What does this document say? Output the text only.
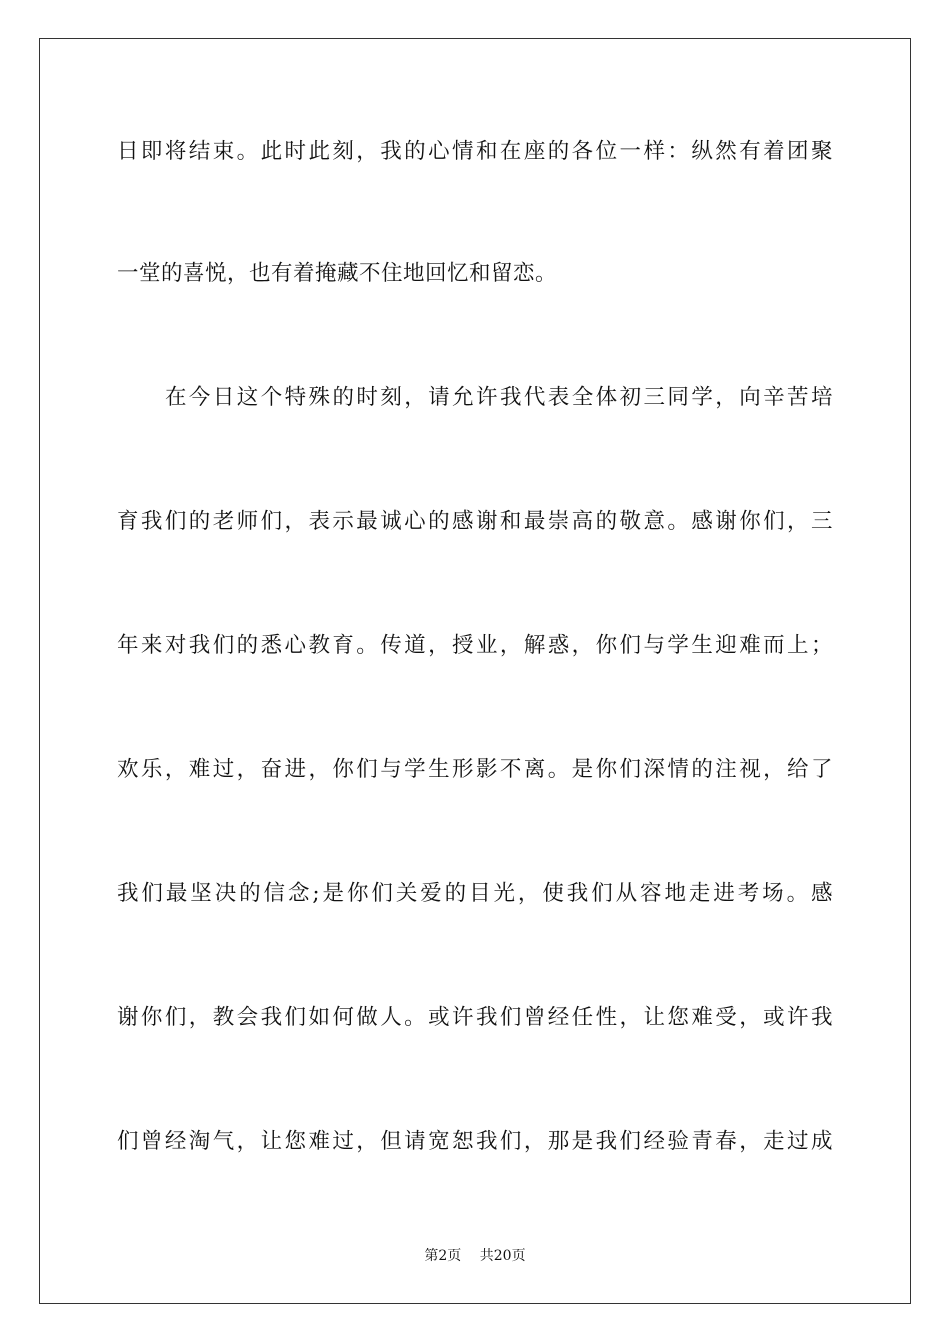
日即将结束。此时此刻，我的心情和在座的各位一样：纵然有着团聚
一堂的喜悦，也有着掩藏不住地回忆和留恋。
在今日这个特殊的时刻，请允许我代表全体初三同学，向辛苦培
育我们的老师们，表示最诚心的感谢和最崇高的敬意。感谢你们，三
年来对我们的悉心教育。传道，授业，解惑，你们与学生迎难而上；
欢乐，难过，奋进，你们与学生形影不离。是你们深情的注视，给了
我们最坚决的信念;是你们关爱的目光，使我们从容地走进考场。感
谢你们，教会我们如何做人。或许我们曾经任性，让您难受，或许我
们曾经淘气，让您难过，但请宽恕我们，那是我们经验青春，走过成
第2页 共20页
